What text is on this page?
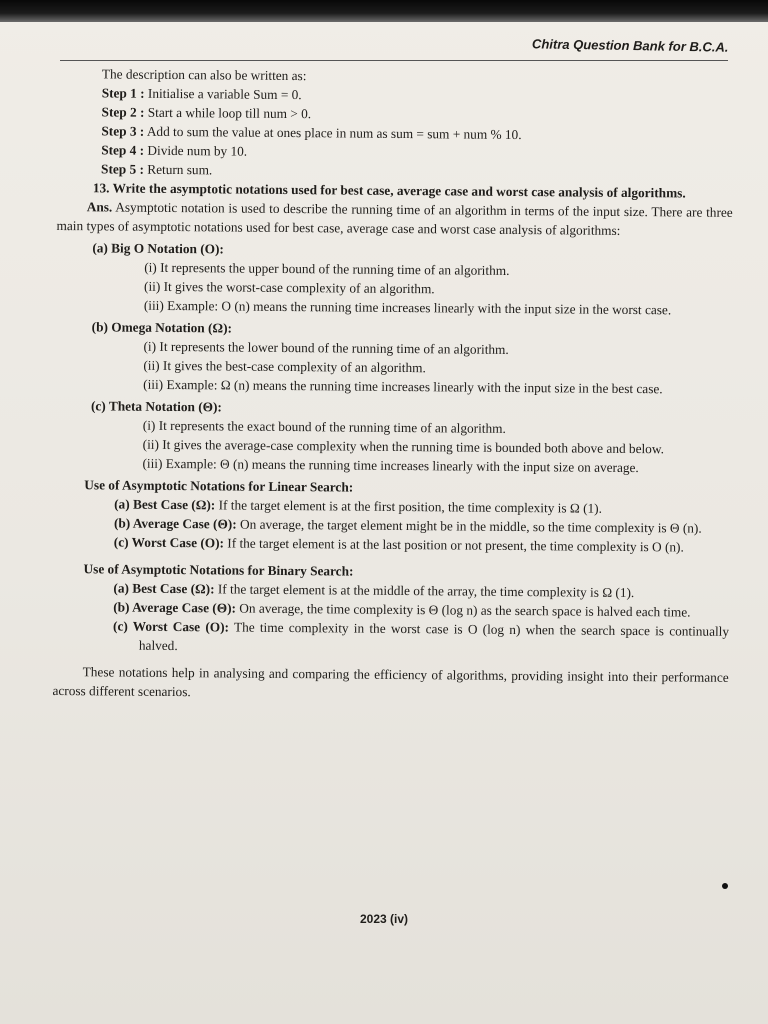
Chitra Question Bank for B.C.A.

The description can also be written as:

Step 1 : Initialise a variable Sum = 0.

Step 2 : Start a while loop till num > 0.

Step 3 : Add to sum the value at ones place in num as sum = sum + num % 10.

Step 4 : Divide num by 10.

Step 5 : Return sum.

13. Write the asymptotic notations used for best case, average case and worst case analysis of algorithms.

Ans. Asymptotic notation is used to describe the running time of an algorithm in terms of the input size. There are three main types of asymptotic notations used for best case, average case and worst case analysis of algorithms:

(a) Big O Notation (O):

(i) It represents the upper bound of the running time of an algorithm.

(ii) It gives the worst-case complexity of an algorithm.

(iii) Example: O (n) means the running time increases linearly with the input size in the worst case.

(b) Omega Notation (Ω):

(i) It represents the lower bound of the running time of an algorithm.

(ii) It gives the best-case complexity of an algorithm.

(iii) Example: Ω (n) means the running time increases linearly with the input size in the best case.

(c) Theta Notation (Θ):

(i) It represents the exact bound of the running time of an algorithm.

(ii) It gives the average-case complexity when the running time is bounded both above and below.

(iii) Example: Θ (n) means the running time increases linearly with the input size on average.

Use of Asymptotic Notations for Linear Search:

(a) Best Case (Ω): If the target element is at the first position, the time complexity is Ω (1).

(b) Average Case (Θ): On average, the target element might be in the middle, so the time complexity is Θ (n).

(c) Worst Case (O): If the target element is at the last position or not present, the time complexity is O (n).

Use of Asymptotic Notations for Binary Search:

(a) Best Case (Ω): If the target element is at the middle of the array, the time complexity is Ω (1).

(b) Average Case (Θ): On average, the time complexity is Θ (log n) as the search space is halved each time.

(c) Worst Case (O): The time complexity in the worst case is O (log n) when the search space is continually halved.

These notations help in analysing and comparing the efficiency of algorithms, providing insight into their performance across different scenarios.

2023 (iv)
